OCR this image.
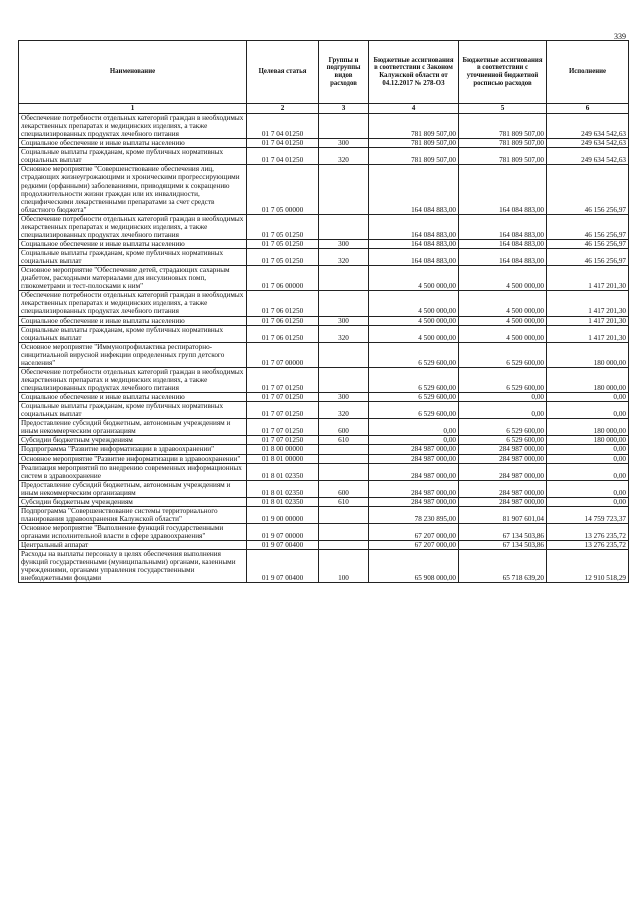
339
Наименование	Целевая статья	Группы и подгруппы видов расходов	Бюджетные ассигнования в соответствии с Законом Калужской области от 04.12.2017 № 278-ОЗ	Бюджетные ассигнования в соответствии с уточненной бюджетной росписью расходов	Исполнение
1	2	3	4	5	6
Обеспечение потребности отдельных категорий граждан в необходимых лекарственных препаратах и медицинских изделиях, а также специализированных продуктах лечебного питания	01 7 04 01250		781 809 507,00	781 809 507,00	249 634 542,63
Социальное обеспечение и иные выплаты населению	01 7 04 01250	300	781 809 507,00	781 809 507,00	249 634 542,63
Социальные выплаты гражданам, кроме публичных нормативных социальных выплат	01 7 04 01250	320	781 809 507,00	781 809 507,00	249 634 542,63
Основное мероприятие "Совершенствование обеспечения лиц, страдающих жизнеугрожающими и хроническими прогрессирующими редкими (орфанными) заболеваниями, приводящими к сокращению продолжительности жизни граждан или их инвалидности, специфическими лекарственными препаратами за счет средств областного бюджета"	01 7 05 00000		164 084 883,00	164 084 883,00	46 156 256,97
Обеспечение потребности отдельных категорий граждан в необходимых лекарственных препаратах и медицинских изделиях, а также специализированных продуктах лечебного питания	01 7 05 01250		164 084 883,00	164 084 883,00	46 156 256,97
Социальное обеспечение и иные выплаты населению	01 7 05 01250	300	164 084 883,00	164 084 883,00	46 156 256,97
Социальные выплаты гражданам, кроме публичных нормативных социальных выплат	01 7 05 01250	320	164 084 883,00	164 084 883,00	46 156 256,97
Основное мероприятие "Обеспечение детей, страдающих сахарным диабетом, расходными материалами для инсулиновых помп, глюкометрами и тест-полосками к ним"	01 7 06 00000		4 500 000,00	4 500 000,00	1 417 201,30
Обеспечение потребности отдельных категорий граждан в необходимых лекарственных препаратах и медицинских изделиях, а также специализированных продуктах лечебного питания	01 7 06 01250		4 500 000,00	4 500 000,00	1 417 201,30
Социальное обеспечение и иные выплаты населению	01 7 06 01250	300	4 500 000,00	4 500 000,00	1 417 201,30
Социальные выплаты гражданам, кроме публичных нормативных социальных выплат	01 7 06 01250	320	4 500 000,00	4 500 000,00	1 417 201,30
Основное мероприятие "Иммунопрофилактика респираторно-синцитиальной вирусной инфекции определенных групп детского населения"	01 7 07 00000		6 529 600,00	6 529 600,00	180 000,00
Обеспечение потребности отдельных категорий граждан в необходимых лекарственных препаратах и медицинских изделиях, а также специализированных продуктах лечебного питания	01 7 07 01250		6 529 600,00	6 529 600,00	180 000,00
Социальное обеспечение и иные выплаты населению	01 7 07 01250	300	6 529 600,00	0,00	0,00
Социальные выплаты гражданам, кроме публичных нормативных социальных выплат	01 7 07 01250	320	6 529 600,00	0,00	0,00
Предоставление субсидий бюджетным, автономным учреждениям и иным некоммерческим организациям	01 7 07 01250	600	0,00	6 529 600,00	180 000,00
Субсидии бюджетным учреждениям	01 7 07 01250	610	0,00	6 529 600,00	180 000,00
Подпрограмма "Развитие информатизации в здравоохранении"	01 8 00 00000		284 987 000,00	284 987 000,00	0,00
Основное мероприятие "Развитие информатизации в здравоохранении"	01 8 01 00000		284 987 000,00	284 987 000,00	0,00
Реализация мероприятий по внедрению современных информационных систем в здравоохранение	01 8 01 02350		284 987 000,00	284 987 000,00	0,00
Предоставление субсидий бюджетным, автономным учреждениям и иным некоммерческим организациям	01 8 01 02350	600	284 987 000,00	284 987 000,00	0,00
Субсидии бюджетным учреждениям	01 8 01 02350	610	284 987 000,00	284 987 000,00	0,00
Подпрограмма "Совершенствование системы территориального планирования здравоохранения Калужской области"	01 9 00 00000		78 230 895,00	81 907 601,04	14 759 723,37
Основное мероприятие "Выполнение функций государственными органами исполнительной власти в сфере здравоохранения"	01 9 07 00000		67 207 000,00	67 134 503,86	13 276 235,72
Центральный аппарат	01 9 07 00400		67 207 000,00	67 134 503,86	13 276 235,72
Расходы на выплаты персоналу в целях обеспечения выполнения функций государственными (муниципальными) органами, казенными учреждениями, органами управления государственными внебюджетными фондами	01 9 07 00400	100	65 908 000,00	65 718 639,20	12 910 518,29
